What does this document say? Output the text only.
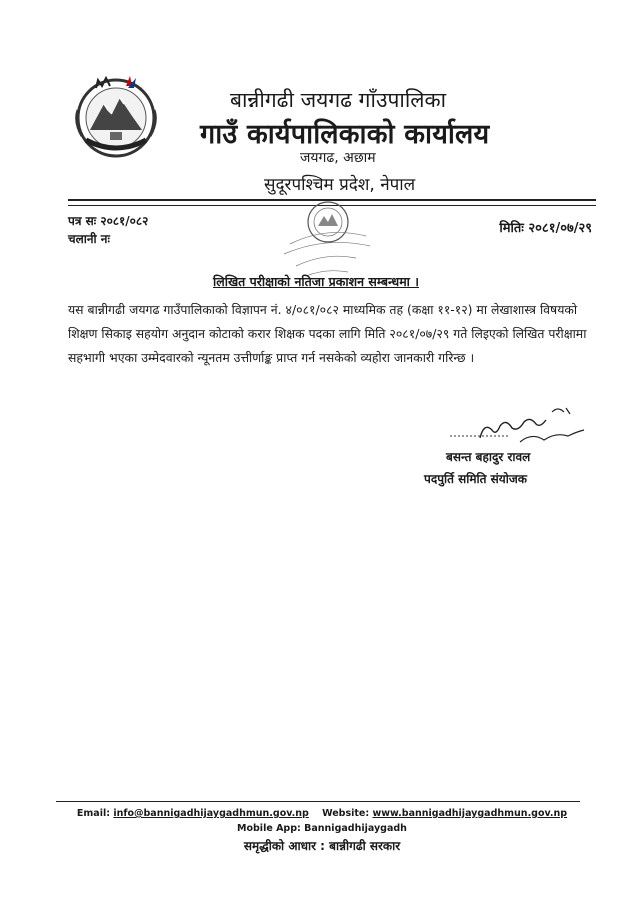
बान्नीगढी जयगढ गाँउपालिका
गाउँ कार्यपालिकाको कार्यालय
जयगढ, अछाम
सुदूरपश्चिम प्रदेश, नेपाल
पत्र सः २०८१/०८२
चलानी नः
मितिः २०८१/०७/२९
लिखित परीक्षाको नतिजा प्रकाशन सम्बन्धमा ।
यस बान्नीगढी जयगढ गाउँपालिकाको विज्ञापन नं. ४/०८१/०८२ माध्यमिक तह (कक्षा ११-१२) मा लेखाशास्त्र विषयको
शिक्षण सिकाइ सहयोग अनुदान कोटाको करार शिक्षक पदका लागि मिति २०८१/०७/२९ गते लिइएको लिखित परीक्षामा
सहभागी भएका उम्मेदवारको न्यूनतम उत्तीर्णाङ्क प्राप्त गर्न नसकेको व्यहोरा जानकारी गरिन्छ ।
बसन्त बहादुर रावल
पदपुर्ति समिति संयोजक
Email: info@bannigadhijaygadhmun.gov.np Website: www.bannigadhijaygadhmun.gov.np
Mobile App: Bannigadhijaygadh
समृद्धीको आधार : बान्नीगढी सरकार
